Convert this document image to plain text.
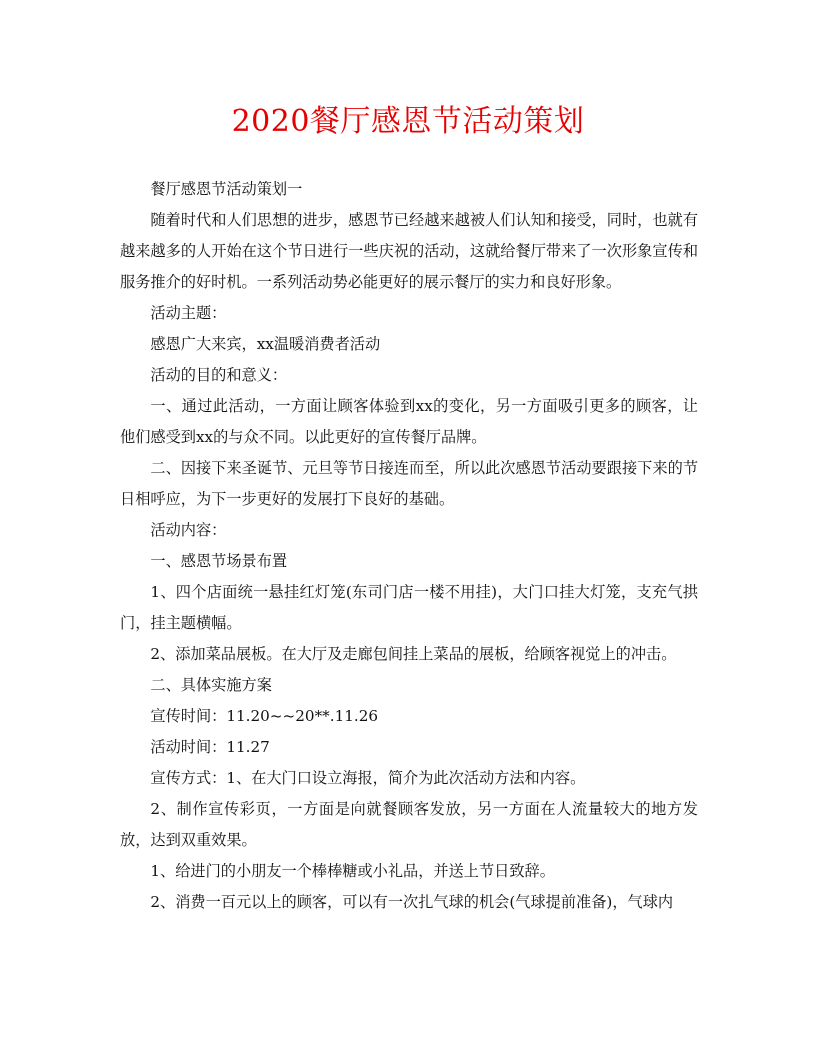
2020餐厅感恩节活动策划

餐厅感恩节活动策划一

随着时代和人们思想的进步，感恩节已经越来越被人们认知和接受，同时，也就有越来越多的人开始在这个节日进行一些庆祝的活动，这就给餐厅带来了一次形象宣传和服务推介的好时机。一系列活动势必能更好的展示餐厅的实力和良好形象。

活动主题：

感恩广大来宾，xx温暖消费者活动

活动的目的和意义：

一、通过此活动，一方面让顾客体验到xx的变化，另一方面吸引更多的顾客，让他们感受到xx的与众不同。以此更好的宣传餐厅品牌。

二、因接下来圣诞节、元旦等节日接连而至，所以此次感恩节活动要跟接下来的节日相呼应，为下一步更好的发展打下良好的基础。

活动内容：

一、感恩节场景布置

1、四个店面统一悬挂红灯笼(东司门店一楼不用挂)，大门口挂大灯笼，支充气拱门，挂主题横幅。

2、添加菜品展板。在大厅及走廊包间挂上菜品的展板，给顾客视觉上的冲击。

二、具体实施方案

宣传时间：11.20~~20**.11.26

活动时间：11.27

宣传方式：1、在大门口设立海报，简介为此次活动方法和内容。

2、制作宣传彩页，一方面是向就餐顾客发放，另一方面在人流量较大的地方发放，达到双重效果。

1、给进门的小朋友一个棒棒糖或小礼品，并送上节日致辞。

2、消费一百元以上的顾客，可以有一次扎气球的机会(气球提前准备)，气球内
